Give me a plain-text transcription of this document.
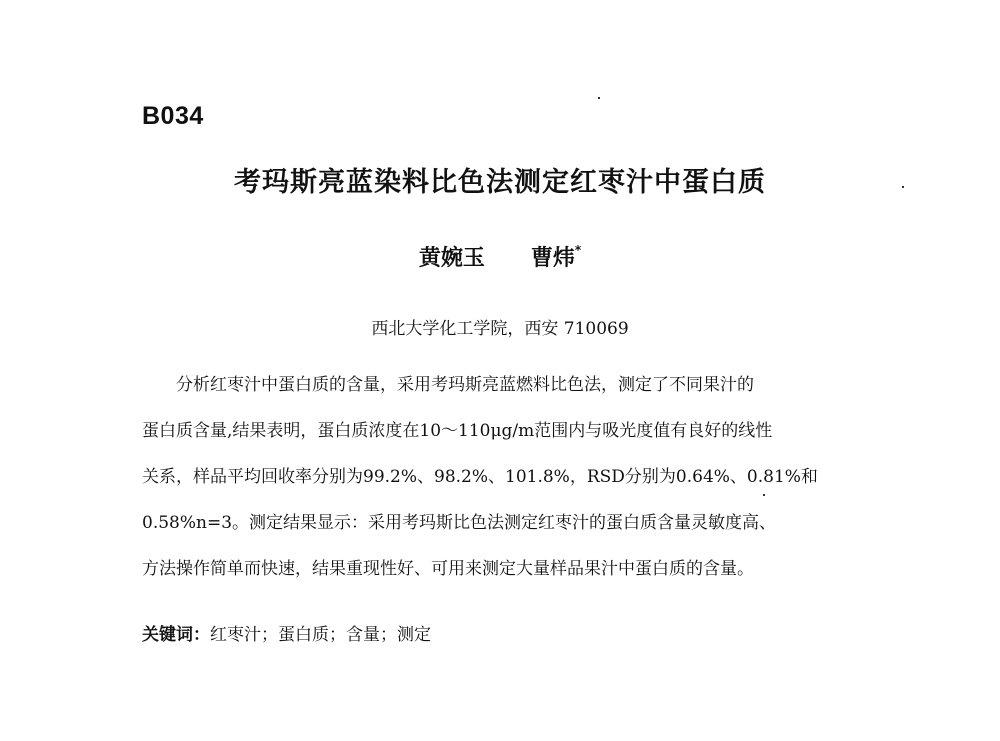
B034
考玛斯亮蓝染料比色法测定红枣汁中蛋白质
黄婉玉 曹炜*
西北大学化工学院，西安 710069
分析红枣汁中蛋白质的含量，采用考玛斯亮蓝燃料比色法，测定了不同果汁的
蛋白质含量,结果表明，蛋白质浓度在10～110μg/m范围内与吸光度值有良好的线性
关系，样品平均回收率分别为99.2%、98.2%、101.8%，RSD分别为0.64%、0.81%和
0.58%n=3。测定结果显示：采用考玛斯比色法测定红枣汁的蛋白质含量灵敏度高、
方法操作简单而快速，结果重现性好、可用来测定大量样品果汁中蛋白质的含量。
关键词：红枣汁；蛋白质；含量；测定
